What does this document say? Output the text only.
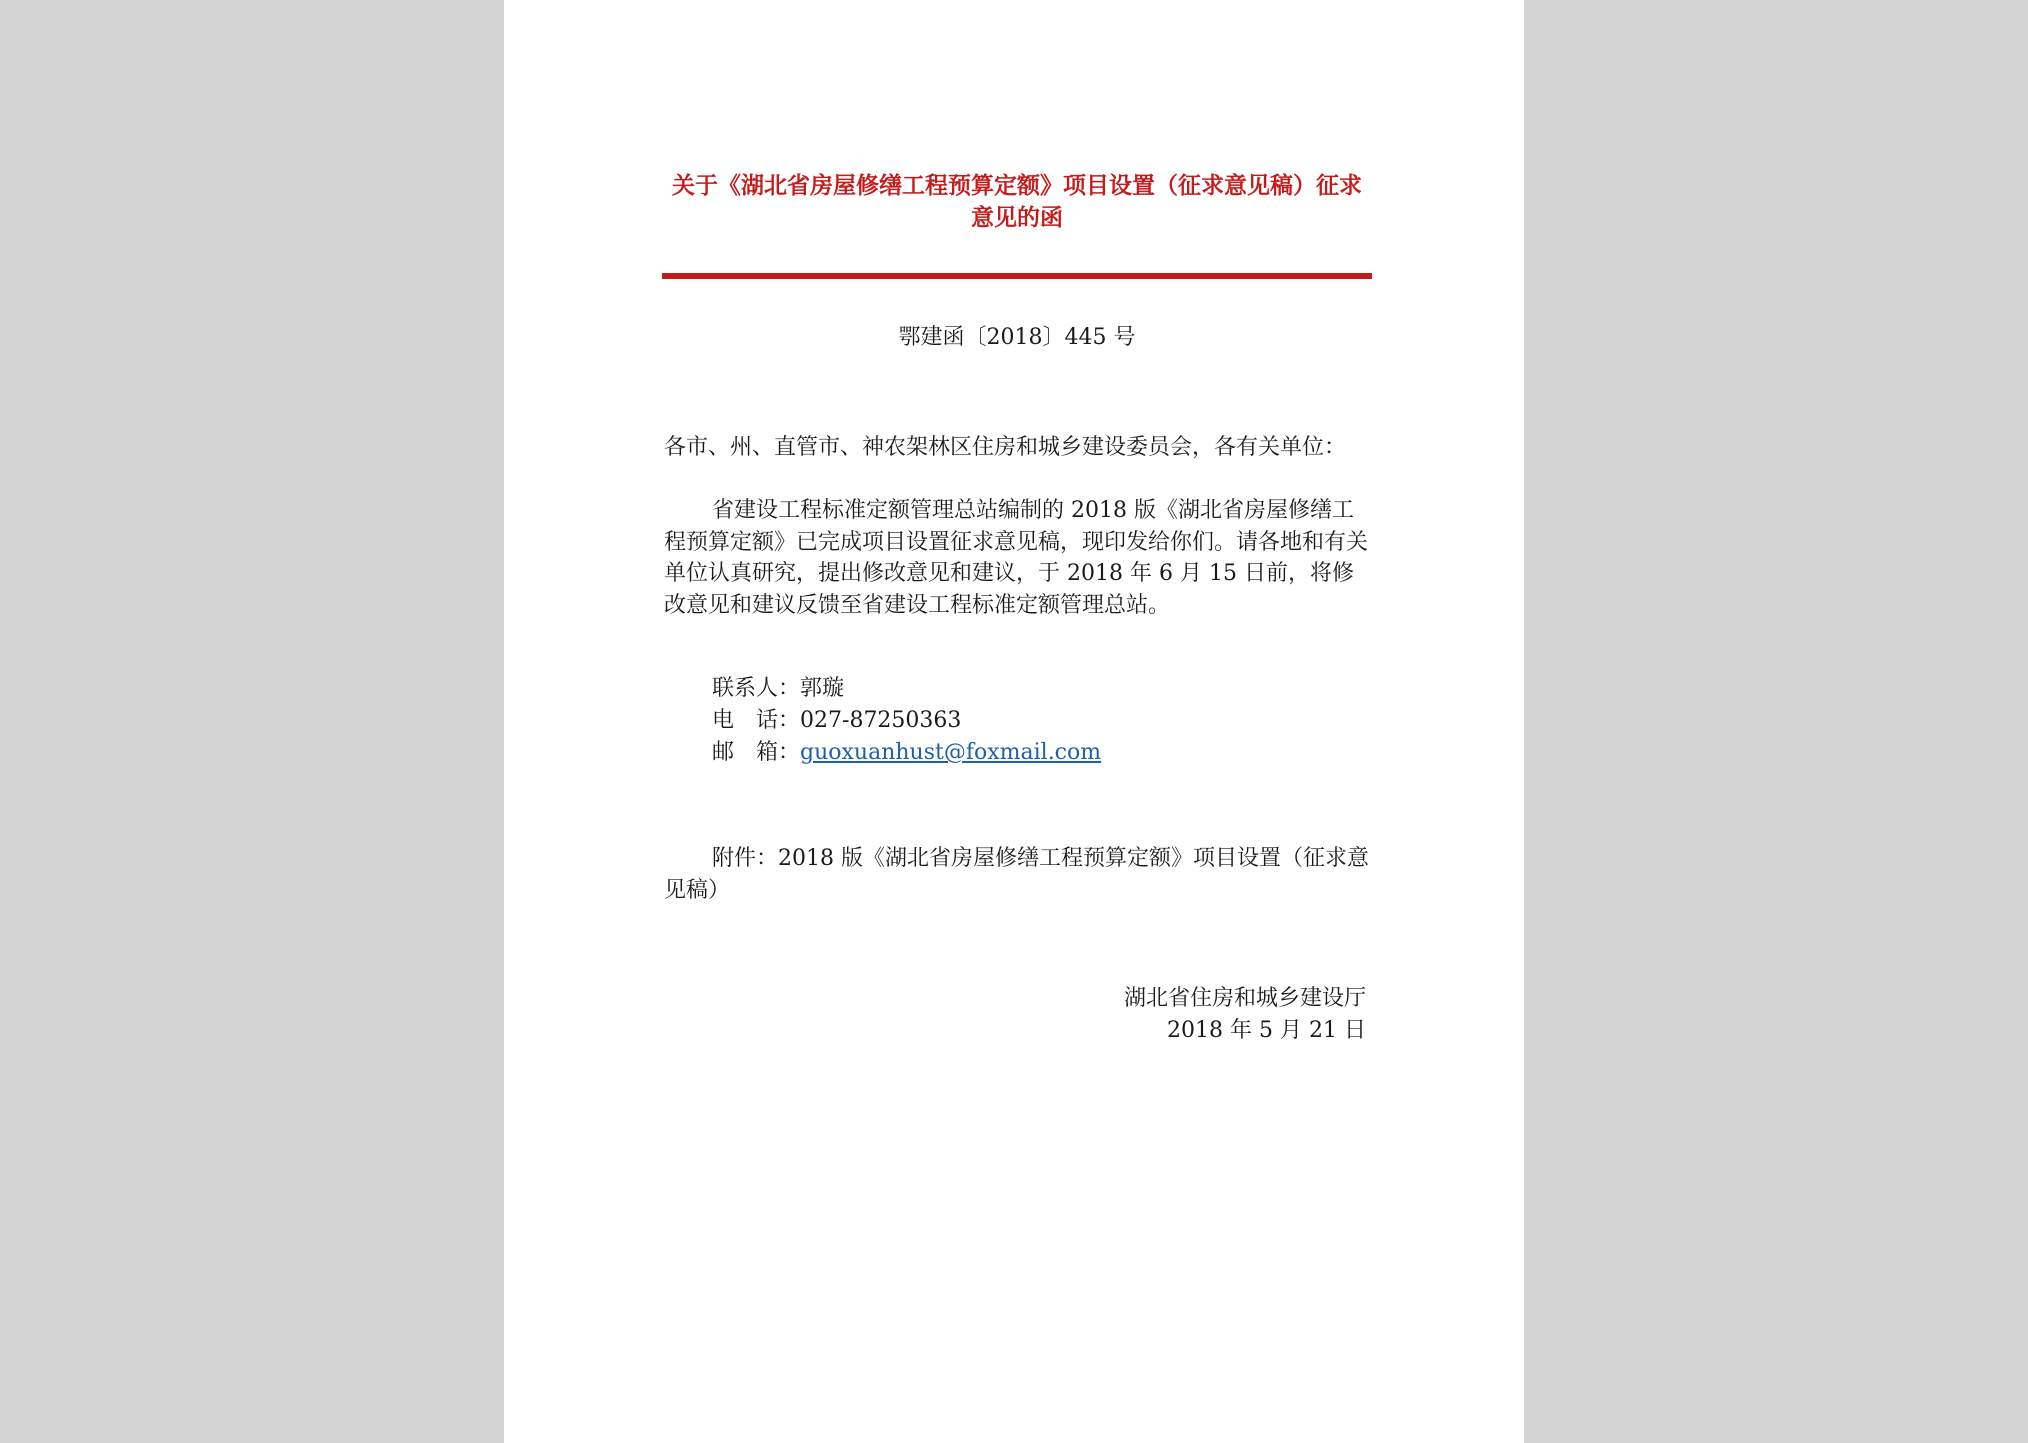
关于《湖北省房屋修缮工程预算定额》项目设置（征求意见稿）征求意见的函
鄂建函〔2018〕445 号

各市、州、直管市、神农架林区住房和城乡建设委员会，各有关单位：

省建设工程标准定额管理总站编制的 2018 版《湖北省房屋修缮工程预算定额》已完成项目设置征求意见稿，现印发给你们。请各地和有关单位认真研究，提出修改意见和建议，于 2018 年 6 月 15 日前，将修改意见和建议反馈至省建设工程标准定额管理总站。

联系人：郭璇
电　话：027-87250363
邮　箱：guoxuanhust@foxmail.com

附件：2018 版《湖北省房屋修缮工程预算定额》项目设置（征求意见稿）

湖北省住房和城乡建设厅
2018 年 5 月 21 日
